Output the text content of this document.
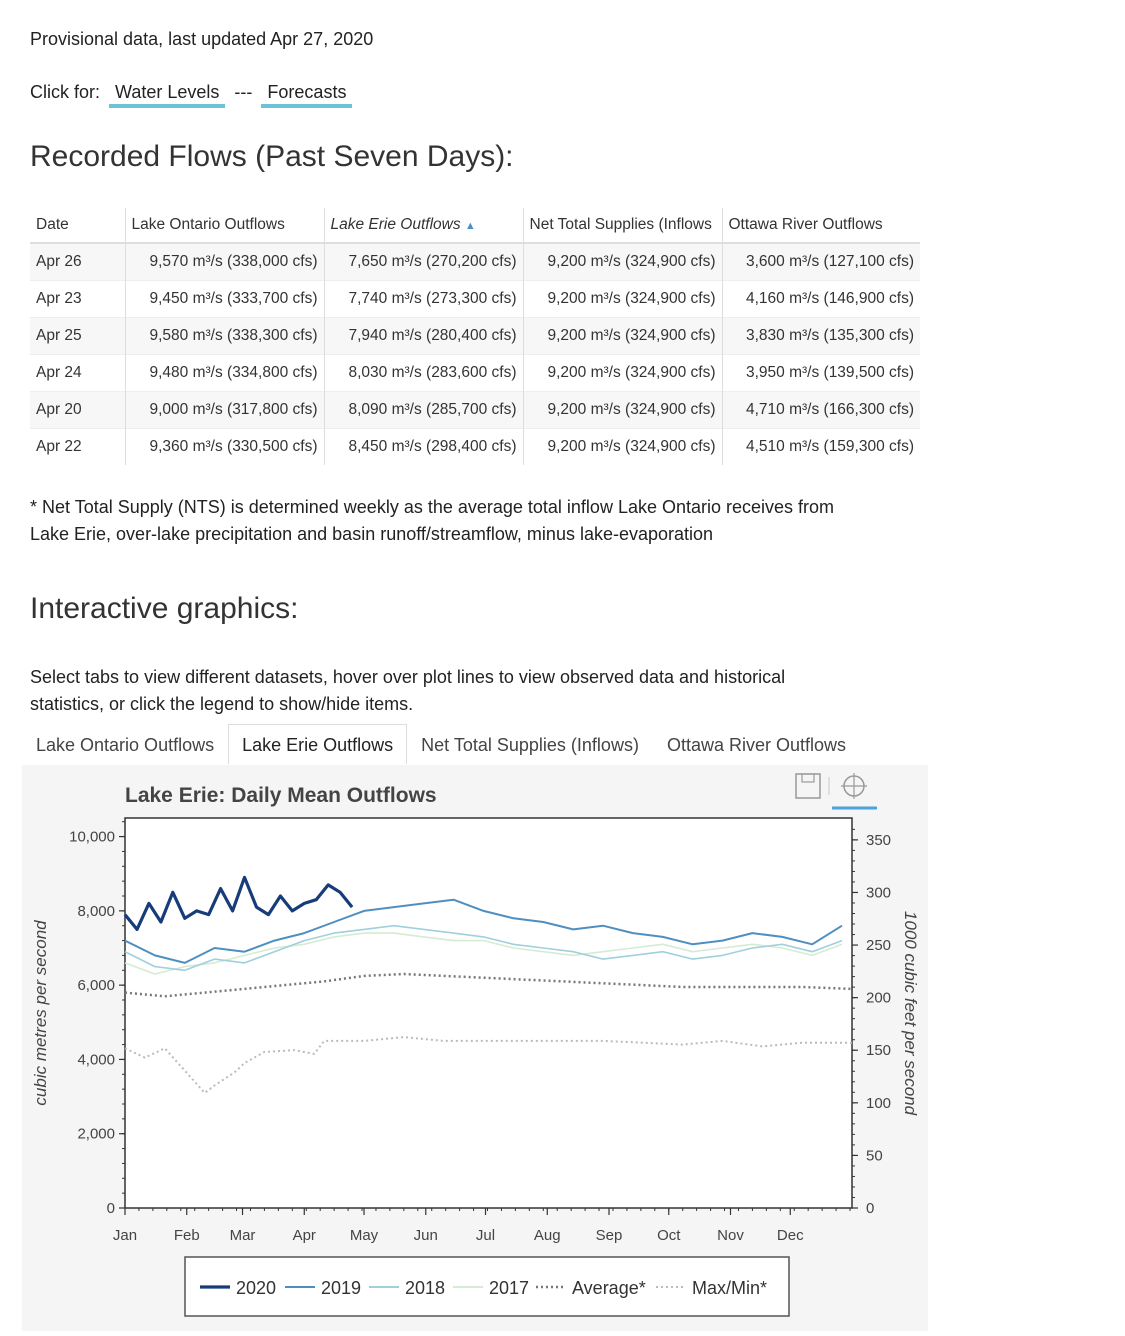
Provisional data, last updated Apr 27, 2020
Click for: Water Levels --- Forecasts
Recorded Flows (Past Seven Days):
Date	Lake Ontario Outflows	Lake Erie Outflows ▲	Net Total Supplies (Inflows	Ottawa River Outflows
Apr 26	9,570 m³/s (338,000 cfs)	7,650 m³/s (270,200 cfs)	9,200 m³/s (324,900 cfs)	3,600 m³/s (127,100 cfs)
Apr 23	9,450 m³/s (333,700 cfs)	7,740 m³/s (273,300 cfs)	9,200 m³/s (324,900 cfs)	4,160 m³/s (146,900 cfs)
Apr 25	9,580 m³/s (338,300 cfs)	7,940 m³/s (280,400 cfs)	9,200 m³/s (324,900 cfs)	3,830 m³/s (135,300 cfs)
Apr 24	9,480 m³/s (334,800 cfs)	8,030 m³/s (283,600 cfs)	9,200 m³/s (324,900 cfs)	3,950 m³/s (139,500 cfs)
Apr 20	9,000 m³/s (317,800 cfs)	8,090 m³/s (285,700 cfs)	9,200 m³/s (324,900 cfs)	4,710 m³/s (166,300 cfs)
Apr 22	9,360 m³/s (330,500 cfs)	8,450 m³/s (298,400 cfs)	9,200 m³/s (324,900 cfs)	4,510 m³/s (159,300 cfs)
* Net Total Supply (NTS) is determined weekly as the average total inflow Lake Ontario receives from
Lake Erie, over-lake precipitation and basin runoff/streamflow, minus lake-evaporation
Interactive graphics:
Select tabs to view different datasets, hover over plot lines to view observed data and historical
statistics, or click the legend to show/hide items.
Lake Ontario Outflows	Lake Erie Outflows	Net Total Supplies (Inflows)	Ottawa River Outflows
Lake Erie: Daily Mean Outflows
0
2,000
4,000
6,000
8,000
10,000
0
50
100
150
200
250
300
350
Jan Feb Mar Apr May Jun	Jul	Aug Sep Oct Nov Dec
cubic metres per second	1000 cubic feet per second
2020 2019 2018 2017 Average*	Max/Min*
